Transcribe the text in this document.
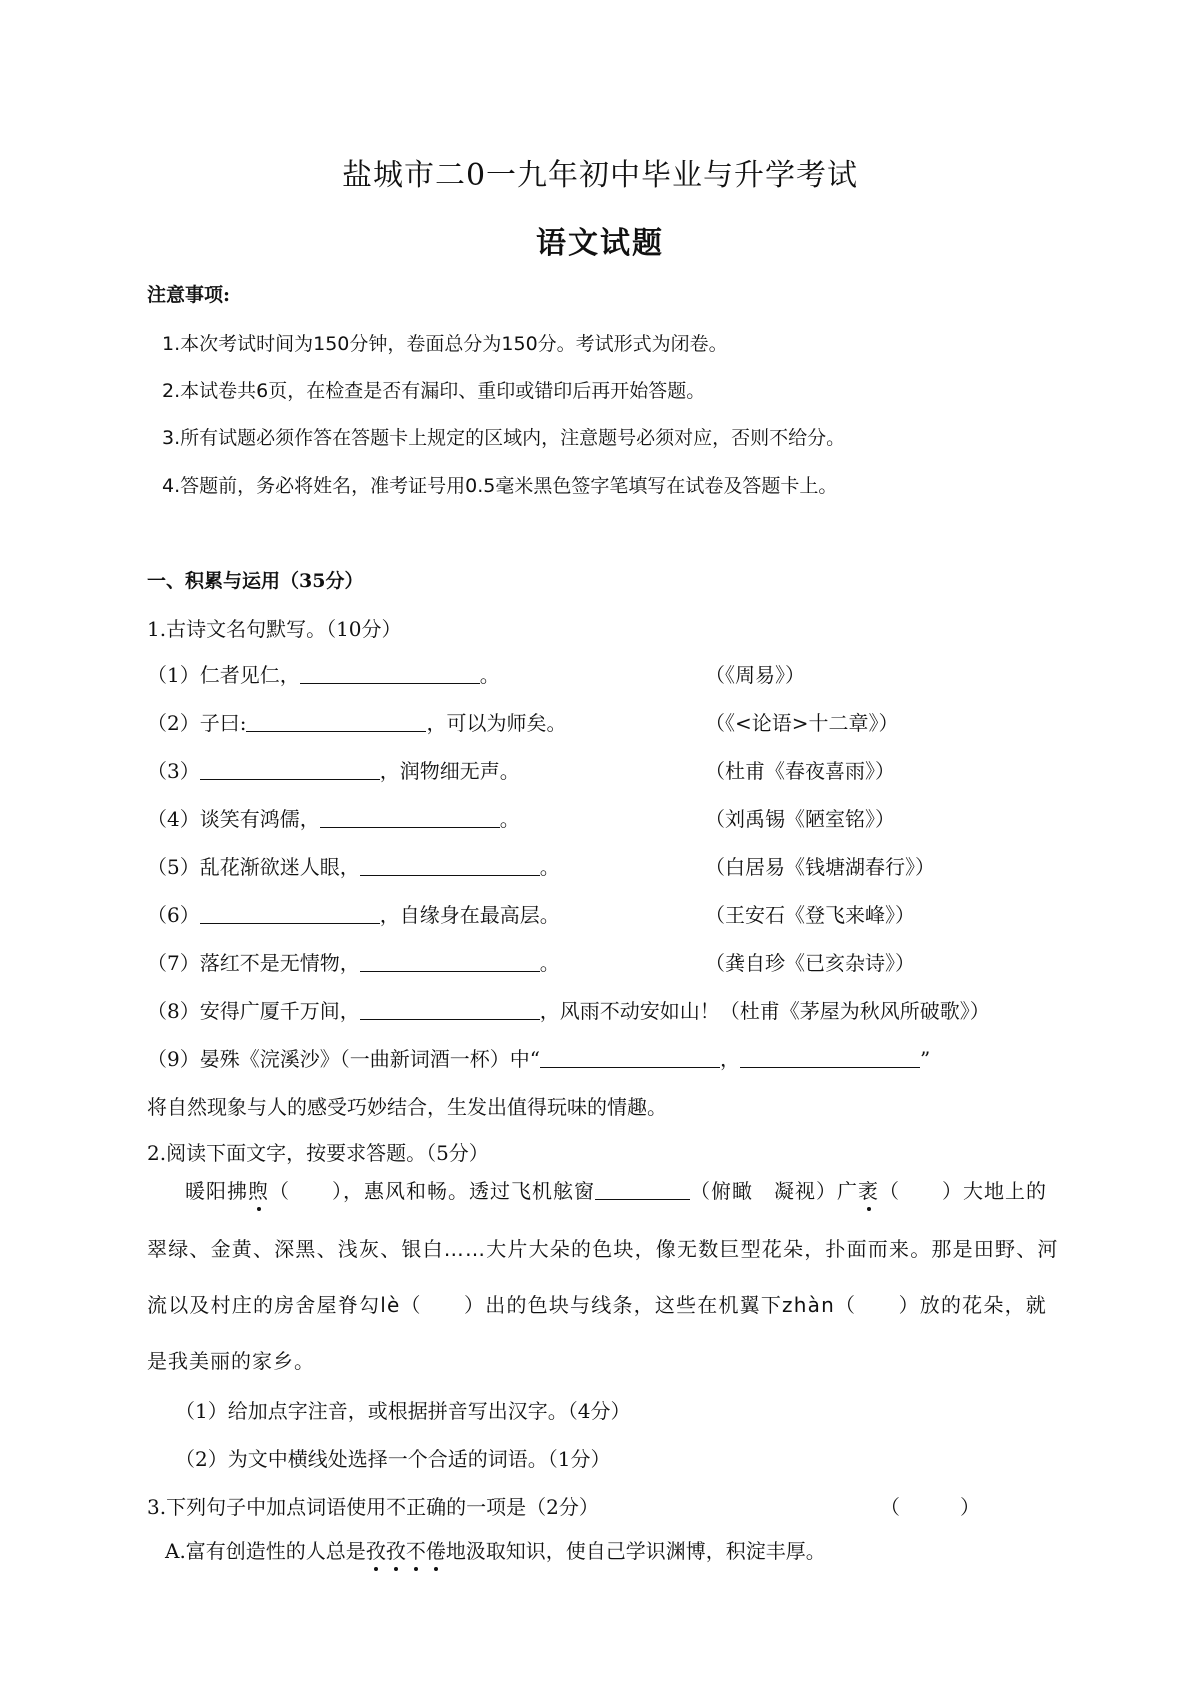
盐城市二0一九年初中毕业与升学考试
语文试题
注意事项:
1.本次考试时间为150分钟，卷面总分为150分。考试形式为闭卷。
2.本试卷共6页，在检查是否有漏印、重印或错印后再开始答题。
3.所有试题必须作答在答题卡上规定的区域内，注意题号必须对应，否则不给分。
4.答题前，务必将姓名，准考证号用0.5毫米黑色签字笔填写在试卷及答题卡上。
一、积累与运用（35分）
1.古诗文名句默写。（10分）
（1）仁者见仁，	。	（《周易》）
（2）子曰:	，可以为师矣。	（《<论语>十二章》）
（3）	，润物细无声。	（杜甫《春夜喜雨》）
（4）谈笑有鸿儒，	。	（刘禹锡《陋室铭》）
（5）乱花渐欲迷人眼，	。	（白居易《钱塘湖春行》）
（6）	，自缘身在最高层。	（王安石《登飞来峰》）
（7）落红不是无情物，	。	（龚自珍《已亥杂诗》）
（8）安得广厦千万间，	，风雨不动安如山！（杜甫《茅屋为秋风所破歌》）
（9）晏殊《浣溪沙》（一曲新词酒一杯）中“	，	”
将自然现象与人的感受巧妙结合，生发出值得玩味的情趣。
2.阅读下面文字，按要求答题。（5分）
暖阳拂煦（　　），惠风和畅。透过飞机舷窗	（俯瞰　凝视）广袤（　　）大地上的
翠绿、金黄、深黑、浅灰、银白……大片大朵的色块，像无数巨型花朵，扑面而来。那是田野、河
流以及村庄的房舍屋脊勾lè（　　）出的色块与线条，这些在机翼下zhàn（　　）放的花朵，就
是我美丽的家乡。
（1）给加点字注音，或根据拼音写出汉字。（4分）
（2）为文中横线处选择一个合适的词语。（1分）
3.下列句子中加点词语使用不正确的一项是（2分）	（　　　）
A.富有创造性的人总是孜孜不倦地汲取知识，使自己学识渊博，积淀丰厚。
